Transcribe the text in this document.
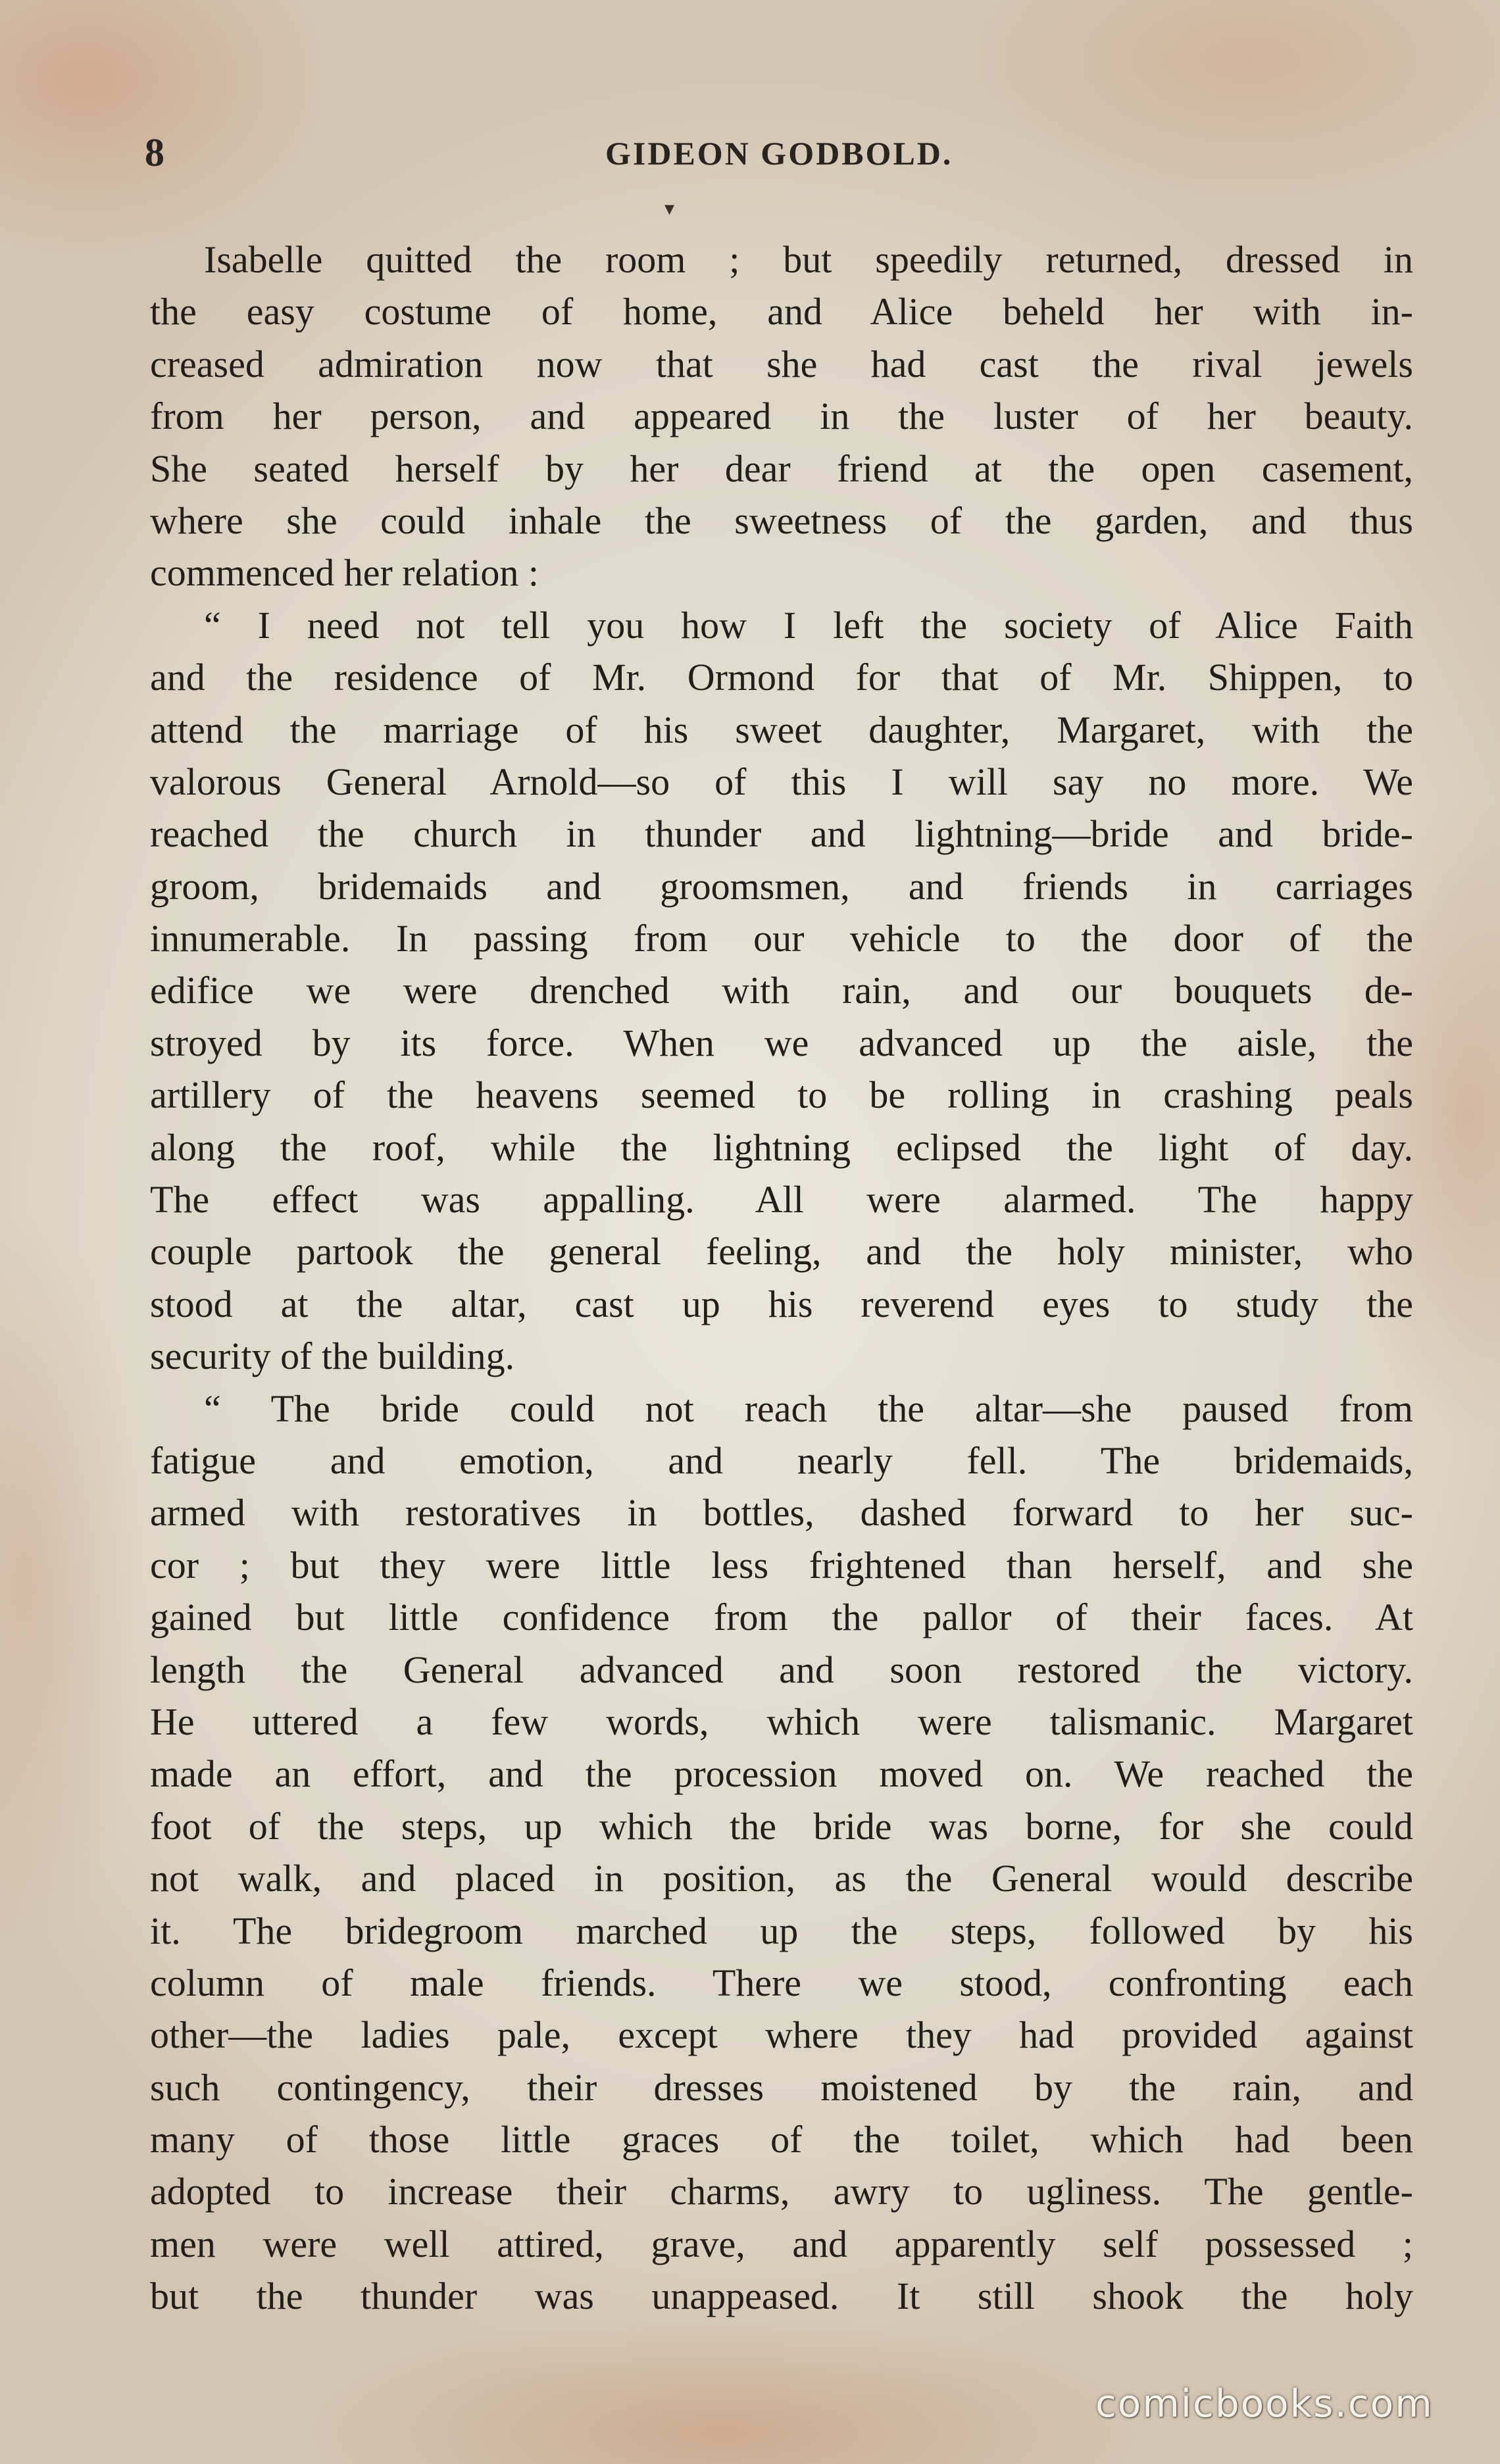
8	GIDEON GODBOLD.
▾
Isabelle quitted the room ; but speedily returned, dressed in
the easy costume of home, and Alice beheld her with in-
creased admiration now that she had cast the rival jewels
from her person, and appeared in the luster of her beauty.
She seated herself by her dear friend at the open casement,
where she could inhale the sweetness of the garden, and thus
commenced her relation :
“ I need not tell you how I left the society of Alice Faith
and the residence of Mr. Ormond for that of Mr. Shippen, to
attend the marriage of his sweet daughter, Margaret, with the
valorous General Arnold—so of this I will say no more. We
reached the church in thunder and lightning—bride and bride-
groom, bridemaids and groomsmen, and friends in carriages
innumerable. In passing from our vehicle to the door of the
edifice we were drenched with rain, and our bouquets de-
stroyed by its force. When we advanced up the aisle, the
artillery of the heavens seemed to be rolling in crashing peals
along the roof, while the lightning eclipsed the light of day.
The effect was appalling. All were alarmed. The happy
couple partook the general feeling, and the holy minister, who
stood at the altar, cast up his reverend eyes to study the
security of the building.
“ The bride could not reach the altar—she paused from
fatigue and emotion, and nearly fell. The bridemaids,
armed with restoratives in bottles, dashed forward to her suc-
cor ; but they were little less frightened than herself, and she
gained but little confidence from the pallor of their faces. At
length the General advanced and soon restored the victory.
He uttered a few words, which were talismanic. Margaret
made an effort, and the procession moved on. We reached the
foot of the steps, up which the bride was borne, for she could
not walk, and placed in position, as the General would describe
it. The bridegroom marched up the steps, followed by his
column of male friends. There we stood, confronting each
other—the ladies pale, except where they had provided against
such contingency, their dresses moistened by the rain, and
many of those little graces of the toilet, which had been
adopted to increase their charms, awry to ugliness. The gentle-
men were well attired, grave, and apparently self possessed ;
but the thunder was unappeased. It still shook the holy
comicbooks.com
